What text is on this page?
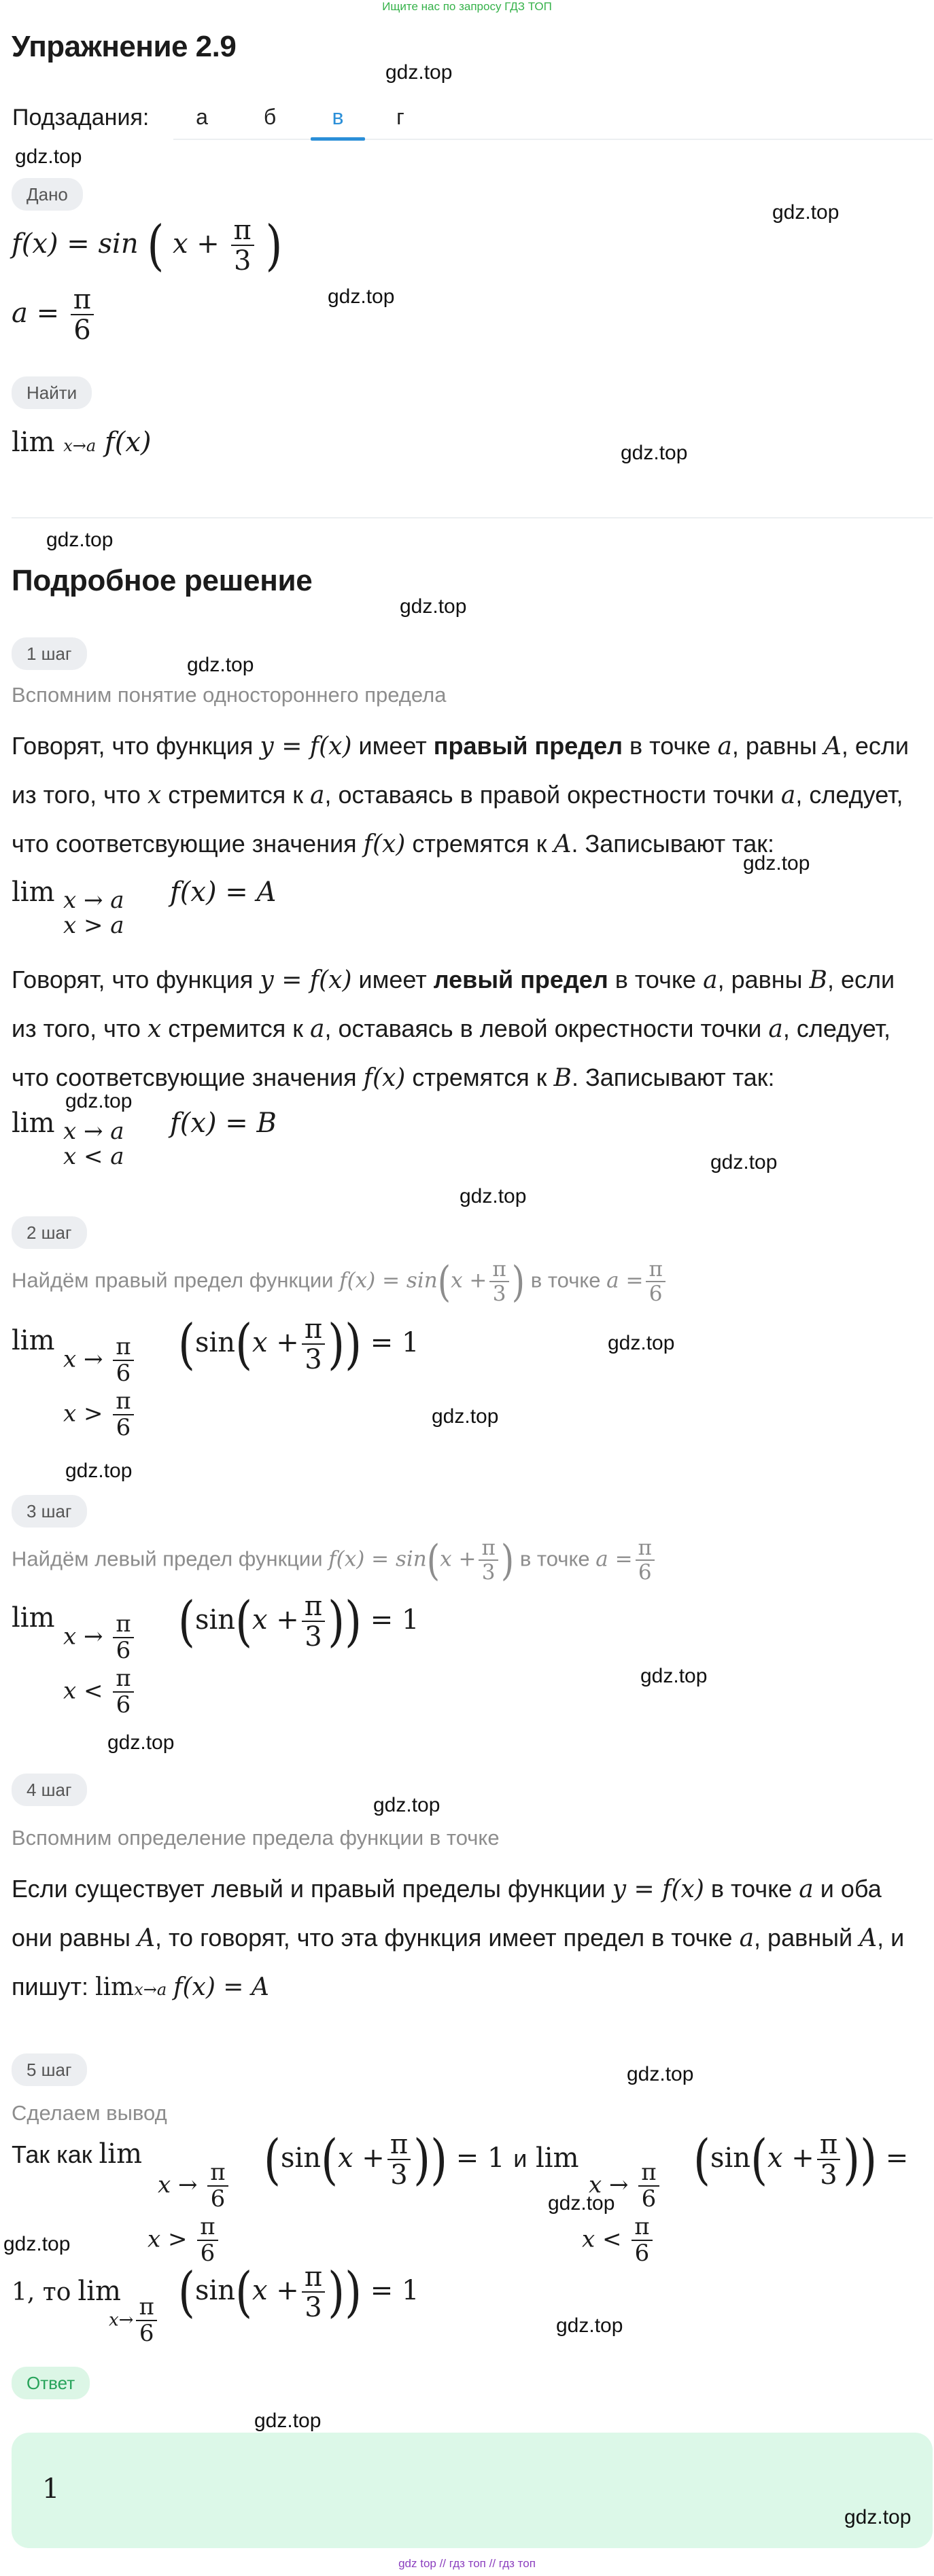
Ищите нас по запросу ГДЗ ТОП
Упражнение 2.9
Подзадания:	а	б	в	г
Дано
f(x) = sin ( $x + \frac{\pi}{3}$ )
$a = \frac{\pi}{6}$
Найти
lim x→a f(x)
Подробное решение
1 шаг
Вспомним понятие одностороннего предела
Говорят, что функция y = f(x) имеет правый предел в точке a, равны A, если
из того, что x стремится к a, оставаясь в правой окрестности точки a, следует,
что соответсвующие значения f(x) стремятся к A. Записывают так:
lim x → a
x > a
f(x) = A
Говорят, что функция y = f(x) имеет левый предел в точке a, равны B, если
из того, что x стремится к a, оставаясь в левой окрестности точки a, следует,
что соответсвующие значения f(x) стремятся к B. Записывают так:
lim x → a
x < a
f(x) = B
2 шаг
Найдём правый предел функции $f(x) = \sin(x + \frac{\pi}{3}$ ) в точке $a = \frac{\pi}{6}$
lim
$x \to \frac{\pi}{6}$
$x > \frac{\pi}{6}$
($\sin(x + \frac{\pi}{3}$ )) = 1
3 шаг
Найдём левый предел функции $f(x) = \sin(x + \frac{\pi}{3}$ ) в точке $a = \frac{\pi}{6}$
lim
$x \to \frac{\pi}{6}$
$x < \frac{\pi}{6}$
($\sin(x + \frac{\pi}{3}$ )) = 1
4 шаг
Вспомним определение предела функции в точке
Если существует левый и правый пределы функции y = f(x) в точке a и оба
они равны A, то говорят, что эта функция имеет предел в точке a, равный A, и
пишут: limx→a f(x) = A
5 шаг
Сделаем вывод
Так как lim
$x \to \frac{\pi}{6}$
$x > \frac{\pi}{6}$
($\sin(x + \frac{\pi}{3}$ )) = 1 и lim
$x \to \frac{\pi}{6}$
$x < \frac{\pi}{6}$
($\sin(x + \frac{\pi}{3}$ )) =
1, то lim
$x\to \frac{\pi}{6} (\sin(x + \frac{\pi}{3}$ )) = 1
Ответ
1
gdz.top
gdz.top
gdz.top
gdz.top
gdz.top
gdz.top
gdz.top
gdz.top
gdz.top
gdz.top
gdz.top
gdz.top
gdz.top
gdz.top
gdz.top
gdz.top
gdz.top
gdz.top
gdz.top
gdz.top
gdz.top
gdz.top
gdz.top
gdz.top
gdz top // гдз топ // гдз топ
